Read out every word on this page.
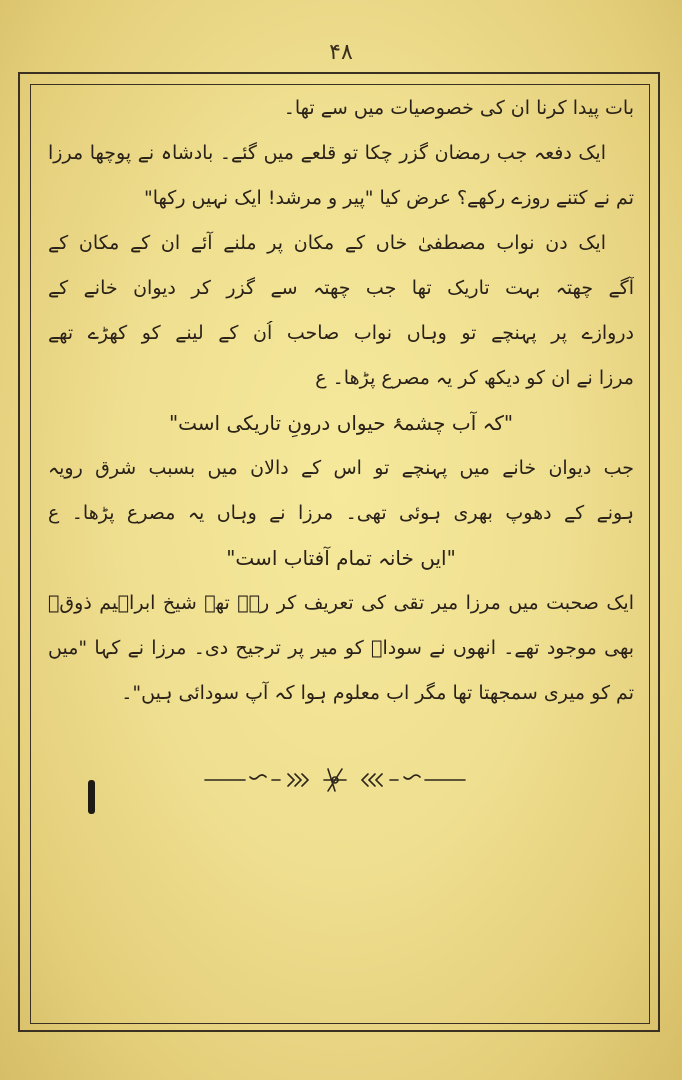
۴۸
بات پیدا کرنا ان کی خصوصیات میں سے تھا۔
ایک دفعہ جب رمضان گزر چکا تو قلعے میں گئے۔ بادشاہ نے پوچھا مرزا
تم نے کتنے روزے رکھے؟ عرض کیا "پیر و مرشد! ایک نہیں رکھا"
ایک دن نواب مصطفیٰ خاں کے مکان پر ملنے آئے ان کے مکان کے
آگے چھتہ بہت تاریک تھا جب چھتہ سے گزر کر دیوان خانے کے
دروازے پر پہنچے تو وہاں نواب صاحب اُن کے لینے کو کھڑے تھے
مرزا نے ان کو دیکھ کر یہ مصرع پڑھا۔ ع
"کہ آب چشمۂ حیواں درونِ تاریکی است"
جب دیوان خانے میں پہنچے تو اس کے دالان میں بسبب شرق رویہ
ہونے کے دھوپ بھری ہوئی تھی۔ مرزا نے وہاں یہ مصرع پڑھا۔ ع
"ایں خانہ تمام آفتاب است"
ایک صحبت میں مرزا میر تقی کی تعریف کر رہے تھے شیخ ابراہیم ذوقؔ
بھی موجود تھے۔ انھوں نے سوداؔ کو میر پر ترجیح دی۔ مرزا نے کہا "میں
تم کو میری سمجھتا تھا مگر اب معلوم ہوا کہ آپ سودائی ہیں"۔
